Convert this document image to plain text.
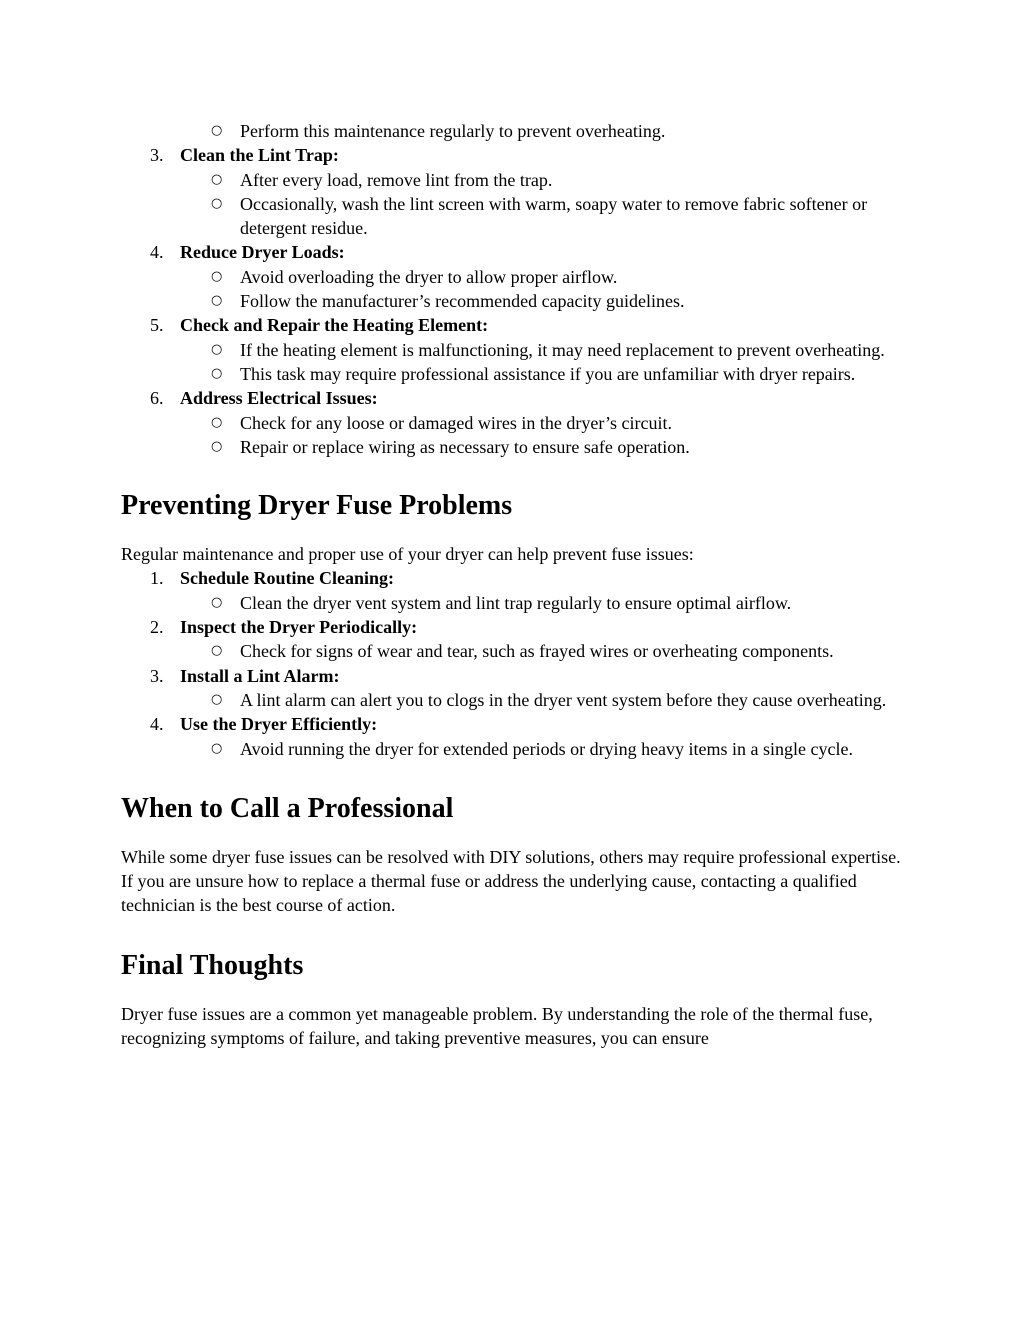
○ Perform this maintenance regularly to prevent overheating.
3. Clean the Lint Trap:
○ After every load, remove lint from the trap.
○ Occasionally, wash the lint screen with warm, soapy water to remove fabric softener or detergent residue.
4. Reduce Dryer Loads:
○ Avoid overloading the dryer to allow proper airflow.
○ Follow the manufacturer’s recommended capacity guidelines.
5. Check and Repair the Heating Element:
○ If the heating element is malfunctioning, it may need replacement to prevent overheating.
○ This task may require professional assistance if you are unfamiliar with dryer repairs.
6. Address Electrical Issues:
○ Check for any loose or damaged wires in the dryer’s circuit.
○ Repair or replace wiring as necessary to ensure safe operation.
Preventing Dryer Fuse Problems

Regular maintenance and proper use of your dryer can help prevent fuse issues:

1. Schedule Routine Cleaning:
○ Clean the dryer vent system and lint trap regularly to ensure optimal airflow.
2. Inspect the Dryer Periodically:
○ Check for signs of wear and tear, such as frayed wires or overheating components.
3. Install a Lint Alarm:
○ A lint alarm can alert you to clogs in the dryer vent system before they cause overheating.
4. Use the Dryer Efficiently:
○ Avoid running the dryer for extended periods or drying heavy items in a single cycle.
When to Call a Professional

While some dryer fuse issues can be resolved with DIY solutions, others may require professional expertise. If you are unsure how to replace a thermal fuse or address the underlying cause, contacting a qualified technician is the best course of action.

Final Thoughts

Dryer fuse issues are a common yet manageable problem. By understanding the role of the thermal fuse, recognizing symptoms of failure, and taking preventive measures, you can ensure
